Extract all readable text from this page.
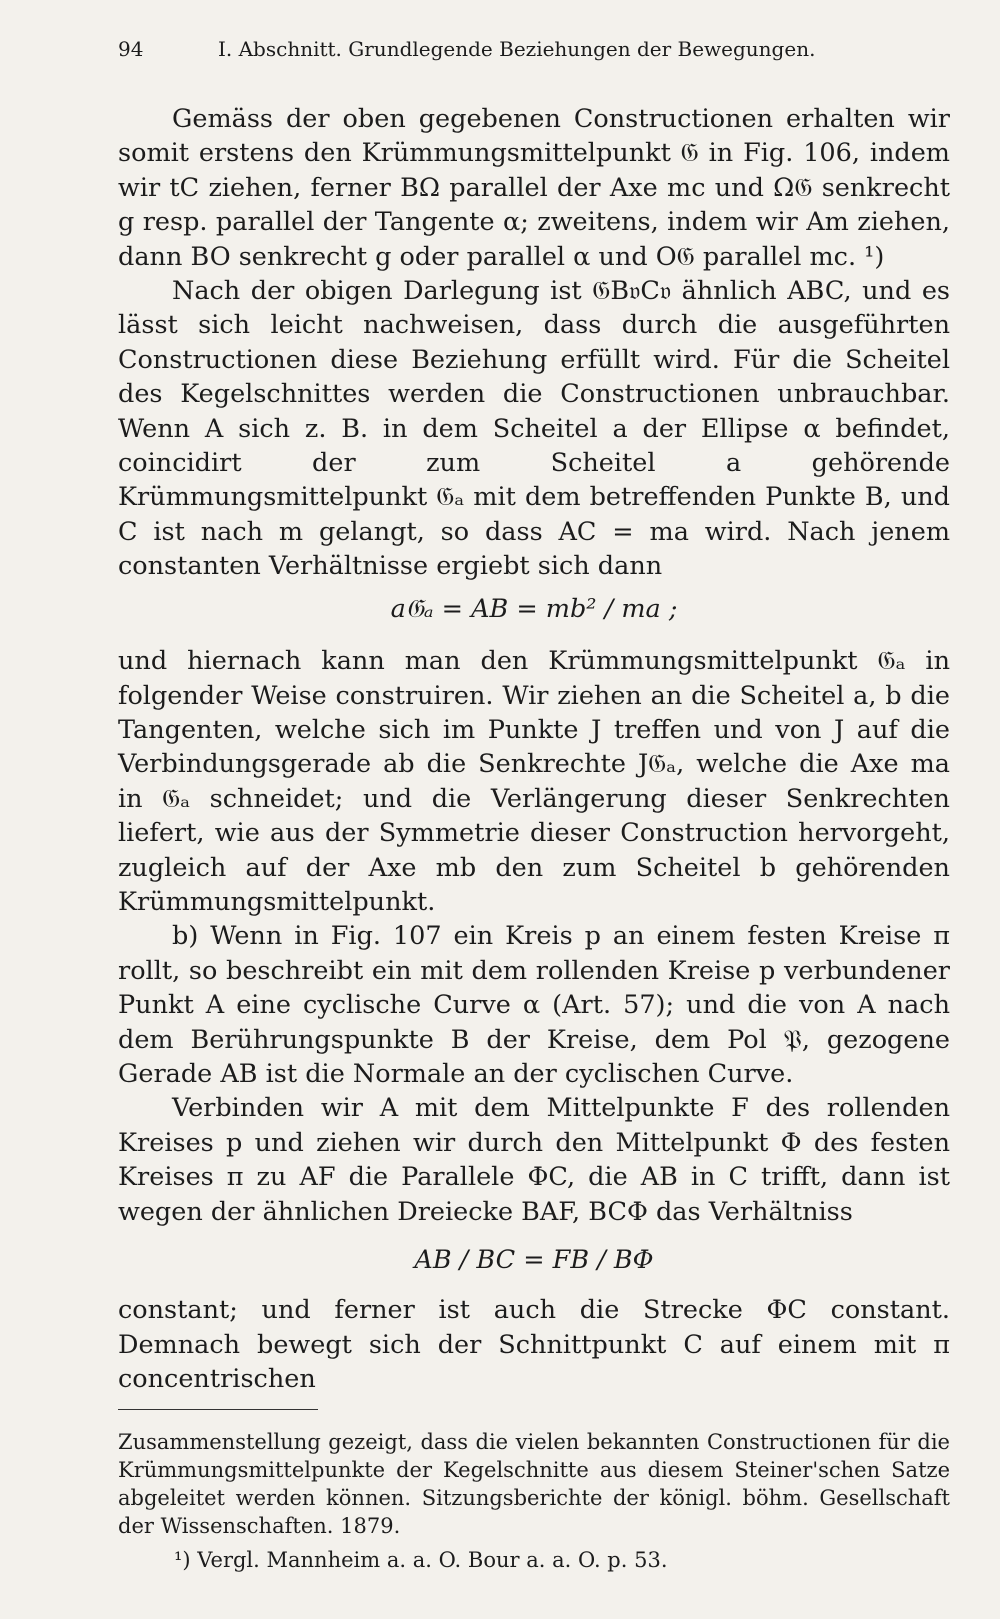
94	I. Abschnitt. Grundlegende Beziehungen der Bewegungen.

Gemäss der oben gegebenen Constructionen erhalten wir somit erstens den Krümmungsmittelpunkt 𝔊 in Fig. 106, indem wir tC ziehen, ferner BΩ parallel der Axe mc und Ω𝔊 senkrecht g resp. parallel der Tangente α; zweitens, indem wir Am ziehen, dann BO senkrecht g oder parallel α und O𝔊 parallel mc. ¹)

Nach der obigen Darlegung ist 𝔊B𝔳C𝔳 ähnlich ABC, und es lässt sich leicht nachweisen, dass durch die ausgeführten Constructionen diese Beziehung erfüllt wird. Für die Scheitel des Kegelschnittes werden die Constructionen unbrauchbar. Wenn A sich z. B. in dem Scheitel a der Ellipse α befindet, coincidirt der zum Scheitel a gehörende Krümmungsmittelpunkt 𝔊ₐ mit dem betreffenden Punkte B, und C ist nach m gelangt, so dass AC = ma wird. Nach jenem constanten Verhältnisse ergiebt sich dann

a𝔊ₐ = AB = mb² / ma ;

und hiernach kann man den Krümmungsmittelpunkt 𝔊ₐ in folgender Weise construiren. Wir ziehen an die Scheitel a, b die Tangenten, welche sich im Punkte J treffen und von J auf die Verbindungsgerade ab die Senkrechte J𝔊ₐ, welche die Axe ma in 𝔊ₐ schneidet; und die Verlängerung dieser Senkrechten liefert, wie aus der Symmetrie dieser Construction hervorgeht, zugleich auf der Axe mb den zum Scheitel b gehörenden Krümmungsmittelpunkt.

b) Wenn in Fig. 107 ein Kreis p an einem festen Kreise π rollt, so beschreibt ein mit dem rollenden Kreise p verbundener Punkt A eine cyclische Curve α (Art. 57); und die von A nach dem Berührungspunkte B der Kreise, dem Pol 𝔓, gezogene Gerade AB ist die Normale an der cyclischen Curve.

Verbinden wir A mit dem Mittelpunkte F des rollenden Kreises p und ziehen wir durch den Mittelpunkt Φ des festen Kreises π zu AF die Parallele ΦC, die AB in C trifft, dann ist wegen der ähnlichen Dreiecke BAF, BCΦ das Verhältniss

AB / BC = FB / BΦ

constant; und ferner ist auch die Strecke ΦC constant. Demnach bewegt sich der Schnittpunkt C auf einem mit π concentrischen

Zusammenstellung gezeigt, dass die vielen bekannten Constructionen für die Krümmungsmittelpunkte der Kegelschnitte aus diesem Steiner'schen Satze abgeleitet werden können. Sitzungsberichte der königl. böhm. Gesellschaft der Wissenschaften. 1879.

¹) Vergl. Mannheim a. a. O. Bour a. a. O. p. 53.
